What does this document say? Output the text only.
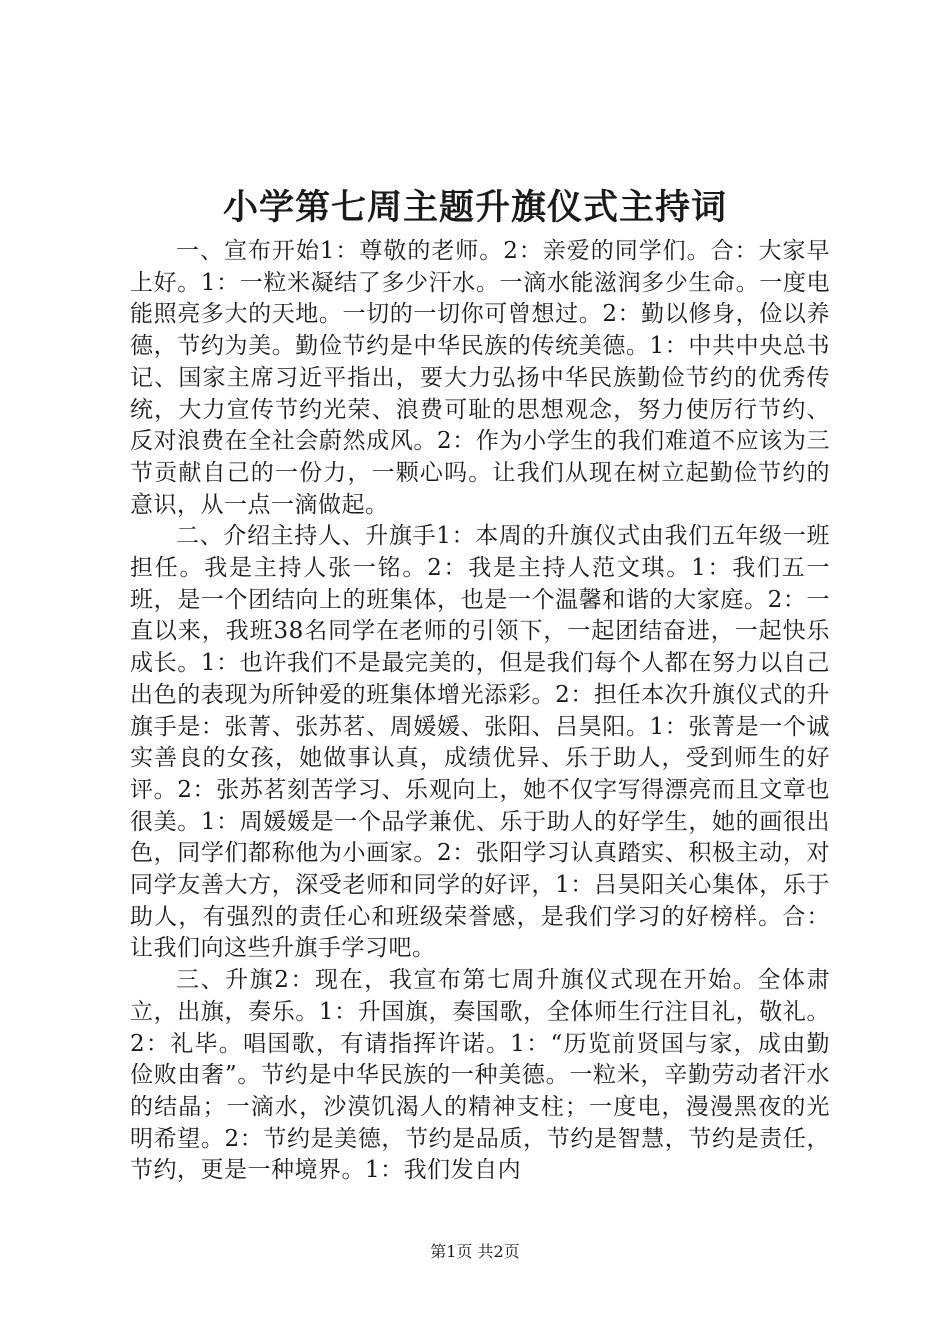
小学第七周主题升旗仪式主持词

一、宣布开始1：尊敬的老师。2：亲爱的同学们。合：大家早上好。1：一粒米凝结了多少汗水。一滴水能滋润多少生命。一度电能照亮多大的天地。一切的一切你可曾想过。2：勤以修身，俭以养德，节约为美。勤俭节约是中华民族的传统美德。1：中共中央总书记、国家主席习近平指出，要大力弘扬中华民族勤俭节约的优秀传统，大力宣传节约光荣、浪费可耻的思想观念，努力使厉行节约、反对浪费在全社会蔚然成风。2：作为小学生的我们难道不应该为三节贡献自己的一份力，一颗心吗。让我们从现在树立起勤俭节约的意识，从一点一滴做起。

二、介绍主持人、升旗手1：本周的升旗仪式由我们五年级一班担任。我是主持人张一铭。2：我是主持人范文琪。1：我们五一班，是一个团结向上的班集体，也是一个温馨和谐的大家庭。2：一直以来，我班38名同学在老师的引领下，一起团结奋进，一起快乐成长。1：也许我们不是最完美的，但是我们每个人都在努力以自己出色的表现为所钟爱的班集体增光添彩。2：担任本次升旗仪式的升旗手是：张菁、张苏茗、周媛媛、张阳、吕昊阳。1：张菁是一个诚实善良的女孩，她做事认真，成绩优异、乐于助人，受到师生的好评。2：张苏茗刻苦学习、乐观向上，她不仅字写得漂亮而且文章也很美。1：周媛媛是一个品学兼优、乐于助人的好学生，她的画很出色，同学们都称他为小画家。2：张阳学习认真踏实、积极主动，对同学友善大方，深受老师和同学的好评，1：吕昊阳关心集体，乐于助人，有强烈的责任心和班级荣誉感，是我们学习的好榜样。合：让我们向这些升旗手学习吧。

三、升旗2：现在，我宣布第七周升旗仪式现在开始。全体肃立，出旗，奏乐。1：升国旗，奏国歌，全体师生行注目礼，敬礼。2：礼毕。唱国歌，有请指挥许诺。1：“历览前贤国与家，成由勤俭败由奢”。节约是中华民族的一种美德。一粒米，辛勤劳动者汗水的结晶；一滴水，沙漠饥渴人的精神支柱；一度电，漫漫黑夜的光明希望。2：节约是美德，节约是品质，节约是智慧，节约是责任，节约，更是一种境界。1：我们发自内

第1页 共2页
